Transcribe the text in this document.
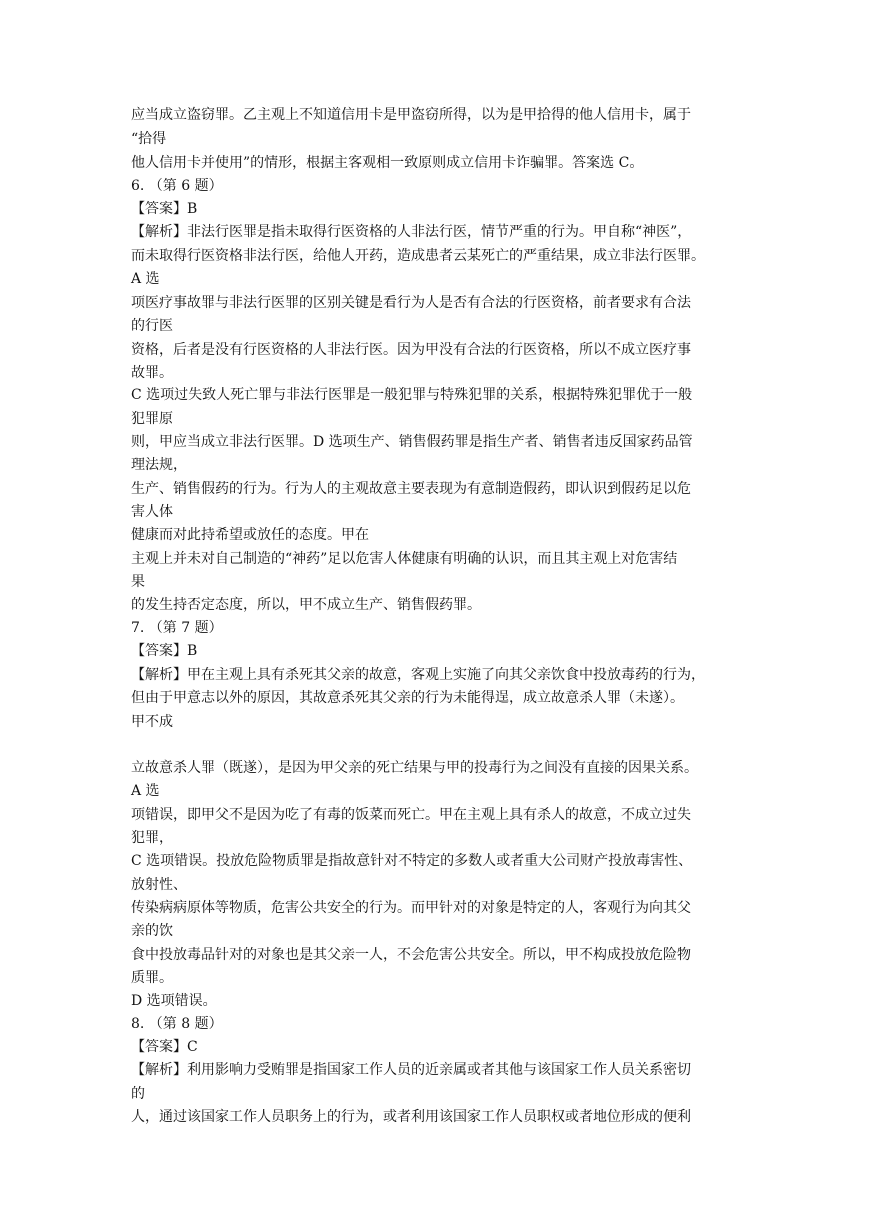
应当成立盗窃罪。乙主观上不知道信用卡是甲盗窃所得，以为是甲拾得的他人信用卡，属于

“拾得

他人信用卡并使用”的情形，根据主客观相一致原则成立信用卡诈骗罪。答案选 C。

6. （第 6 题）

【答案】B

【解析】非法行医罪是指未取得行医资格的人非法行医，情节严重的行为。甲自称“神医”，

而未取得行医资格非法行医，给他人开药，造成患者云某死亡的严重结果，成立非法行医罪。

A 选

项医疗事故罪与非法行医罪的区别关键是看行为人是否有合法的行医资格，前者要求有合法

的行医

资格，后者是没有行医资格的人非法行医。因为甲没有合法的行医资格，所以不成立医疗事

故罪。

C 选项过失致人死亡罪与非法行医罪是一般犯罪与特殊犯罪的关系，根据特殊犯罪优于一般

犯罪原

则，甲应当成立非法行医罪。D 选项生产、销售假药罪是指生产者、销售者违反国家药品管

理法规，

生产、销售假药的行为。行为人的主观故意主要表现为有意制造假药，即认识到假药足以危

害人体

健康而对此持希望或放任的态度。甲在

主观上并未对自己制造的“神药”足以危害人体健康有明确的认识，而且其主观上对危害结

果

的发生持否定态度，所以，甲不成立生产、销售假药罪。

7. （第 7 题）

【答案】B

【解析】甲在主观上具有杀死其父亲的故意，客观上实施了向其父亲饮食中投放毒药的行为，

但由于甲意志以外的原因，其故意杀死其父亲的行为未能得逞，成立故意杀人罪（未遂）。

甲不成

立故意杀人罪（既遂），是因为甲父亲的死亡结果与甲的投毒行为之间没有直接的因果关系。

A 选

项错误，即甲父不是因为吃了有毒的饭菜而死亡。甲在主观上具有杀人的故意，不成立过失

犯罪，

C 选项错误。投放危险物质罪是指故意针对不特定的多数人或者重大公司财产投放毒害性、

放射性、

传染病病原体等物质，危害公共安全的行为。而甲针对的对象是特定的人，客观行为向其父

亲的饮

食中投放毒品针对的对象也是其父亲一人，不会危害公共安全。所以，甲不构成投放危险物

质罪。

D 选项错误。

8. （第 8 题）

【答案】C

【解析】利用影响力受贿罪是指国家工作人员的近亲属或者其他与该国家工作人员关系密切

的

人，通过该国家工作人员职务上的行为，或者利用该国家工作人员职权或者地位形成的便利
